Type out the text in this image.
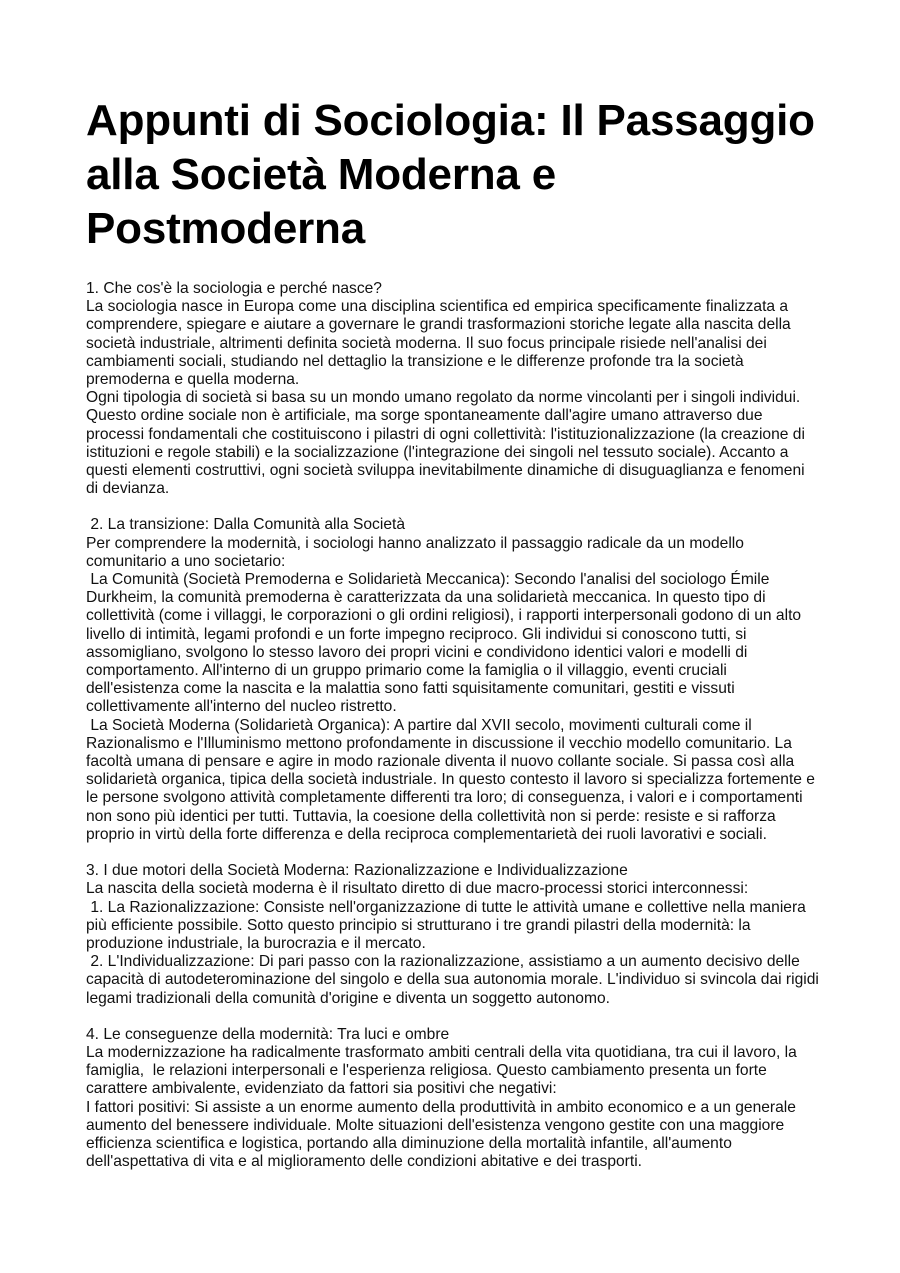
Appunti di Sociologia: Il Passaggio alla Società Moderna e Postmoderna

1. Che cos'è la sociologia e perché nasce?

La sociologia nasce in Europa come una disciplina scientifica ed empirica specificamente finalizzata a comprendere, spiegare e aiutare a governare le grandi trasformazioni storiche legate alla nascita della società industriale, altrimenti definita società moderna. Il suo focus principale risiede nell'analisi dei cambiamenti sociali, studiando nel dettaglio la transizione e le differenze profonde tra la società premoderna e quella moderna.

Ogni tipologia di società si basa su un mondo umano regolato da norme vincolanti per i singoli individui. Questo ordine sociale non è artificiale, ma sorge spontaneamente dall'agire umano attraverso due processi fondamentali che costituiscono i pilastri di ogni collettività: l'istituzionalizzazione (la creazione di istituzioni e regole stabili) e la socializzazione (l'integrazione dei singoli nel tessuto sociale). Accanto a questi elementi costruttivi, ogni società sviluppa inevitabilmente dinamiche di disuguaglianza e fenomeni di devianza.

2. La transizione: Dalla Comunità alla Società

Per comprendere la modernità, i sociologi hanno analizzato il passaggio radicale da un modello comunitario a uno societario:

La Comunità (Società Premoderna e Solidarietà Meccanica): Secondo l'analisi del sociologo Émile Durkheim, la comunità premoderna è caratterizzata da una solidarietà meccanica. In questo tipo di collettività (come i villaggi, le corporazioni o gli ordini religiosi), i rapporti interpersonali godono di un alto livello di intimità, legami profondi e un forte impegno reciproco. Gli individui si conoscono tutti, si assomigliano, svolgono lo stesso lavoro dei propri vicini e condividono identici valori e modelli di comportamento. All'interno di un gruppo primario come la famiglia o il villaggio, eventi cruciali dell'esistenza come la nascita e la malattia sono fatti squisitamente comunitari, gestiti e vissuti collettivamente all'interno del nucleo ristretto.

La Società Moderna (Solidarietà Organica): A partire dal XVII secolo, movimenti culturali come il Razionalismo e l'Illuminismo mettono profondamente in discussione il vecchio modello comunitario. La facoltà umana di pensare e agire in modo razionale diventa il nuovo collante sociale. Si passa così alla solidarietà organica, tipica della società industriale. In questo contesto il lavoro si specializza fortemente e le persone svolgono attività completamente differenti tra loro; di conseguenza, i valori e i comportamenti non sono più identici per tutti. Tuttavia, la coesione della collettività non si perde: resiste e si rafforza proprio in virtù della forte differenza e della reciproca complementarietà dei ruoli lavorativi e sociali.

3. I due motori della Società Moderna: Razionalizzazione e Individualizzazione

La nascita della società moderna è il risultato diretto di due macro-processi storici interconnessi:

1. La Razionalizzazione: Consiste nell'organizzazione di tutte le attività umane e collettive nella maniera più efficiente possibile. Sotto questo principio si strutturano i tre grandi pilastri della modernità: la produzione industriale, la burocrazia e il mercato.

2. L'Individualizzazione: Di pari passo con la razionalizzazione, assistiamo a un aumento decisivo delle capacità di autodeterominazione del singolo e della sua autonomia morale. L'individuo si svincola dai rigidi legami tradizionali della comunità d'origine e diventa un soggetto autonomo.

4. Le conseguenze della modernità: Tra luci e ombre

La modernizzazione ha radicalmente trasformato ambiti centrali della vita quotidiana, tra cui il lavoro, la famiglia,  le relazioni interpersonali e l'esperienza religiosa. Questo cambiamento presenta un forte carattere ambivalente, evidenziato da fattori sia positivi che negativi:

I fattori positivi: Si assiste a un enorme aumento della produttività in ambito economico e a un generale aumento del benessere individuale. Molte situazioni dell'esistenza vengono gestite con una maggiore efficienza scientifica e logistica, portando alla diminuzione della mortalità infantile, all'aumento dell'aspettativa di vita e al miglioramento delle condizioni abitative e dei trasporti.
